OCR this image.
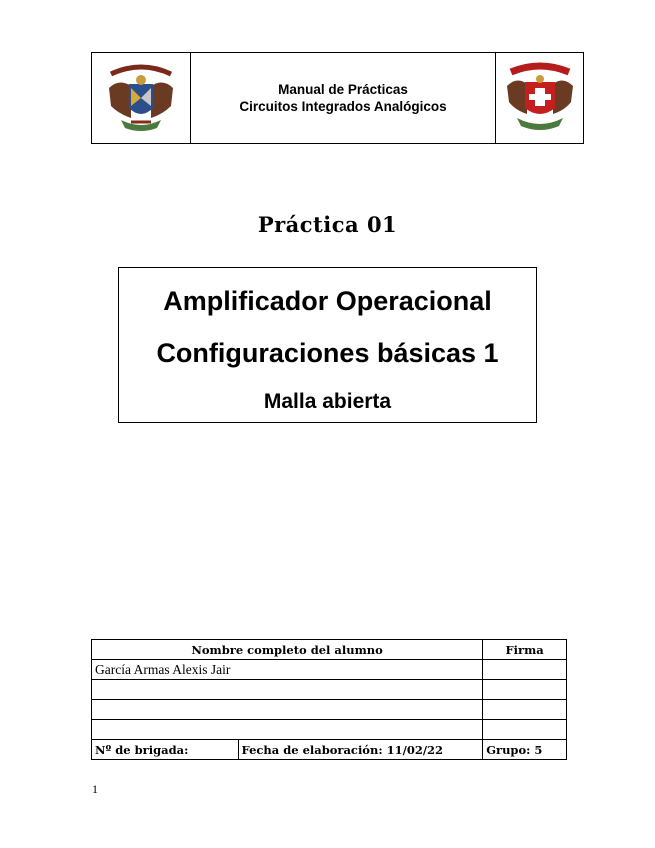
Manual de Prácticas
Circuitos Integrados Analógicos
Práctica 01
Amplificador Operacional
Configuraciones básicas 1
Malla abierta
Nombre completo del alumno		Firma
García Armas Alexis Jair		

Nº de brigada:	Fecha de elaboración: 11/02/22	Grupo: 5
1
